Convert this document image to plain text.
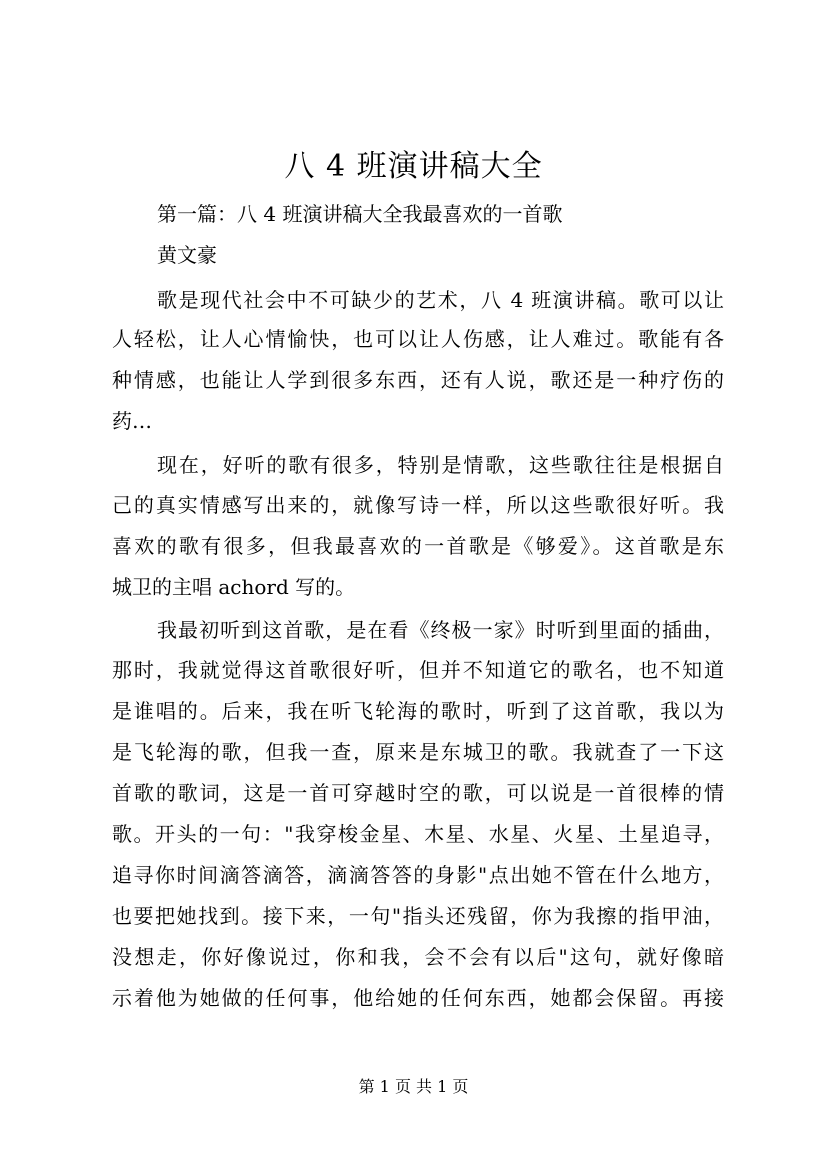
八 4 班演讲稿大全
第一篇：八 4 班演讲稿大全我最喜欢的一首歌
黄文豪
歌是现代社会中不可缺少的艺术，八 4 班演讲稿。歌可以让
人轻松，让人心情愉快，也可以让人伤感，让人难过。歌能有各
种情感，也能让人学到很多东西，还有人说，歌还是一种疗伤的
药…
现在，好听的歌有很多，特别是情歌，这些歌往往是根据自
己的真实情感写出来的，就像写诗一样，所以这些歌很好听。我
喜欢的歌有很多，但我最喜欢的一首歌是《够爱》。这首歌是东
城卫的主唱 achord 写的。
我最初听到这首歌，是在看《终极一家》时听到里面的插曲，
那时，我就觉得这首歌很好听，但并不知道它的歌名，也不知道
是谁唱的。后来，我在听飞轮海的歌时，听到了这首歌，我以为
是飞轮海的歌，但我一查，原来是东城卫的歌。我就查了一下这
首歌的歌词，这是一首可穿越时空的歌，可以说是一首很棒的情
歌。开头的一句："我穿梭金星、木星、水星、火星、土星追寻，
追寻你时间滴答滴答，滴滴答答的身影"点出她不管在什么地方，
也要把她找到。接下来，一句"指头还残留，你为我擦的指甲油，
没想走，你好像说过，你和我，会不会有以后"这句，就好像暗
示着他为她做的任何事，他给她的任何东西，她都会保留。再接
第 1 页 共 1 页
